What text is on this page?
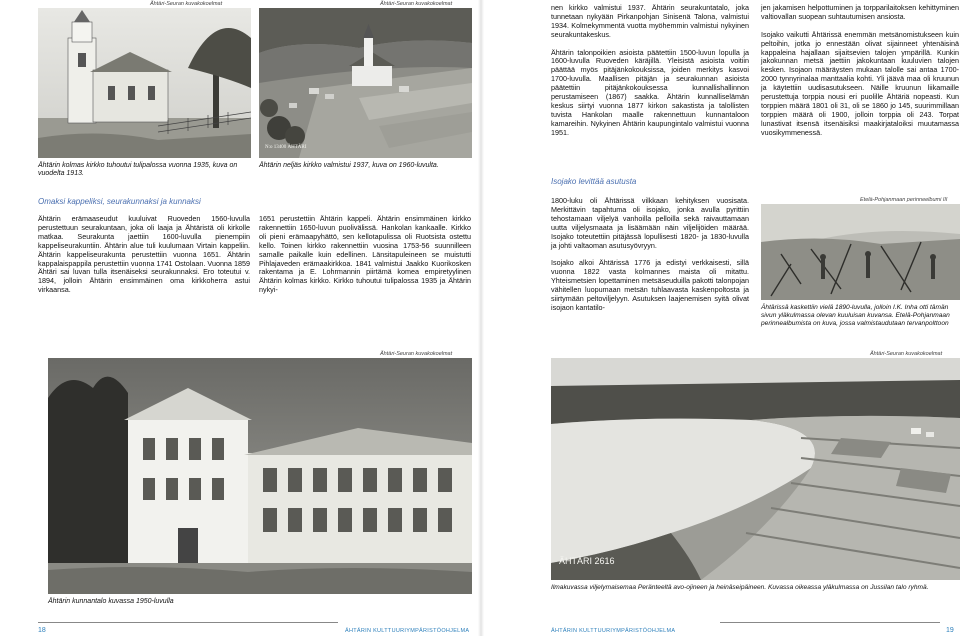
Ähtäri-Seuran kuvakokoelmat
Ähtärin kolmas kirkko tuhoutui tulipalossa vuonna 1935, kuva on vuodelta 1913.
Ähtäri-Seuran kuvakokoelmat
N:o 13400 ÄHTÄRI
Ähtärin neljäs kirkko valmistui 1937, kuva on 1960-luvulta.
Omaksi kappeliksi, seurakunnaksi ja kunnaksi

Ähtärin erämaaseudut kuuluivat Ruoveden 1560-luvulla perustettuun seurakuntaan, joka oli laaja ja Ähtäristä oli kirkolle matkaa. Seurakunta jaettiin 1600-luvulla pienempiin kappeliseurakuntiin. Ähtärin alue tuli kuulumaan Virtain kappeliin. Ähtärin kappeliseurakunta perustettiin vuonna 1651. Ähtärin kappalaispappila perustettiin vuonna 1741 Ostolaan. Vuonna 1859 Ähtäri sai luvan tulla itsenäiseksi seurakunnaksi. Ero toteutui v. 1894, jolloin Ähtärin ensimmäinen oma kirkkoherra astui virkaansa.

1651 perustettiin Ähtärin kappeli. Ähtärin ensimmäinen kirkko rakennettiin 1650-luvun puolivälissä. Hankolan kankaalle. Kirkko oli pieni erämaapyhättö, sen kellotapulissa oli Ruotsista ostettu kello. Toinen kirkko rakennettiin vuosina 1753-56 suunnilleen samalle paikalle kuin edellinen. Länsitapuleineen se muistutti Pihlajaveden erämaakirkkoa. 1841 valmistui Jaakko Kuorikosken rakentama ja E. Lohrmannin piirtämä komea empiretyylinen Ähtärin kolmas kirkko. Kirkko tuhoutui tulipalossa 1935 ja Ähtärin nykyi-

Ähtäri-Seuran kuvakokoelmat
Ähtärin kunnantalo kuvassa 1950-luvulla
18	ÄHTÄRIN KULTTUURIYMPÄRISTÖOHJELMA

nen kirkko valmistui 1937. Ähtärin seurakuntatalo, joka tunnetaan nykyään Pirkanpohjan Sinisenä Talona, valmistui 1934. Kolmekymmentä vuotta myöhemmin valmistui nykyinen seurakuntakeskus.

Ähtärin talonpoikien asioista päätettiin 1500-luvun lopulla ja 1600-luvulla Ruoveden käräjillä. Yleisistä asioista voitiin päättää myös pitäjänkokouksissa, joiden merkitys kasvoi 1700-luvulla. Maallisen pitäjän ja seurakunnan asioista päätettiin pitäjänkokouksessa kunnallishallinnon perustamiseen (1867) saakka. Ähtärin kunnalliselämän keskus siirtyi vuonna 1877 kirkon sakastista ja talollisten tuvista Hankolan maalle rakennettuun kunnantaloon kamareihin. Nykyinen Ähtärin kaupungintalo valmistui vuonna 1951.

Isojako levittää asutusta

1800-luku oli Ähtärissä vilkkaan kehityksen vuosisata. Merkittävin tapahtuma oli isojako, jonka avulla pyrittiin tehostamaan viljelyä vanhoilla pelloilla sekä raivauttamaan uutta viljelysmaata ja lisäämään näin viljelijöiden määrää. Isojako toteutettiin pitäjässä lopullisesti 1820- ja 1830-luvulla ja johti valtaoman asutusyövryyn.

Isojako alkoi Ähtärissä 1776 ja edistyi verkkaisesti, sillä vuonna 1822 vasta kolmannes maista oli mitattu. Yhteismetsien lopettaminen metsäseuduilla pakotti talonpojan vähitellen luopumaan metsän tuhlaavasta kaskenpoltosta ja siirtymään peltoviljelyyn. Asutuksen laajenemisen syitä olivat isojaon kantatilo-

jen jakamisen helpottuminen ja torpparilaitoksen kehittyminen valtiovallan suopean suhtautumisen ansiosta.

Isojako vaikutti Ähtärissä enemmän metsänomistukseen kuin peltoihin, jotka jo ennestään olivat sijainneet yhtenäisinä kappaleina hajallaan sijaitsevien talojen ympärillä. Kunkin jakokunnan metsä jaettiin jakokuntaan kuuluvien talojen kesken. Isojaon määräysten mukaan talolle sai antaa 1700-2000 tynnyrinalaa manttaalia kohti. Yli jäävä maa oli kruunun ja käytettiin uudisasutukseen. Näille kruunun liikamaille perustettuja torppia nousi eri puolille Ähtäriä nopeasti. Kun torppien määrä 1801 oli 31, oli se 1860 jo 145, suurimmillaan torppien määrä oli 1900, jolloin torppia oli 243. Torpat lunastivat itsensä itsenäisiksi maakirjataloiksi muutamassa vuosikymmenessä.

Etelä-Pohjanmaan perinneelbumi III
Ähtärissä kaskettiin vielä 1890-luvulla, jolloin I.K. Inha otti tämän sivun yläkulmassa olevan kuuluisan kuvansa. Etelä-Pohjanmaan perinnealbumista on kuva, jossa valmistaudutaan tervanpolttoon
Ähtäri-Seuran kuvakokoelmat
ÄHTÄRI 2616
Ilmakuvassa viljelymaisemaa Peränteeltä avo-ojineen ja heinäseipäineen. Kuvassa oikeassa yläkulmassa on Jussilan talo ryhmä.
ÄHTÄRIN KULTTUURIYMPÄRISTÖOHJELMA	19
